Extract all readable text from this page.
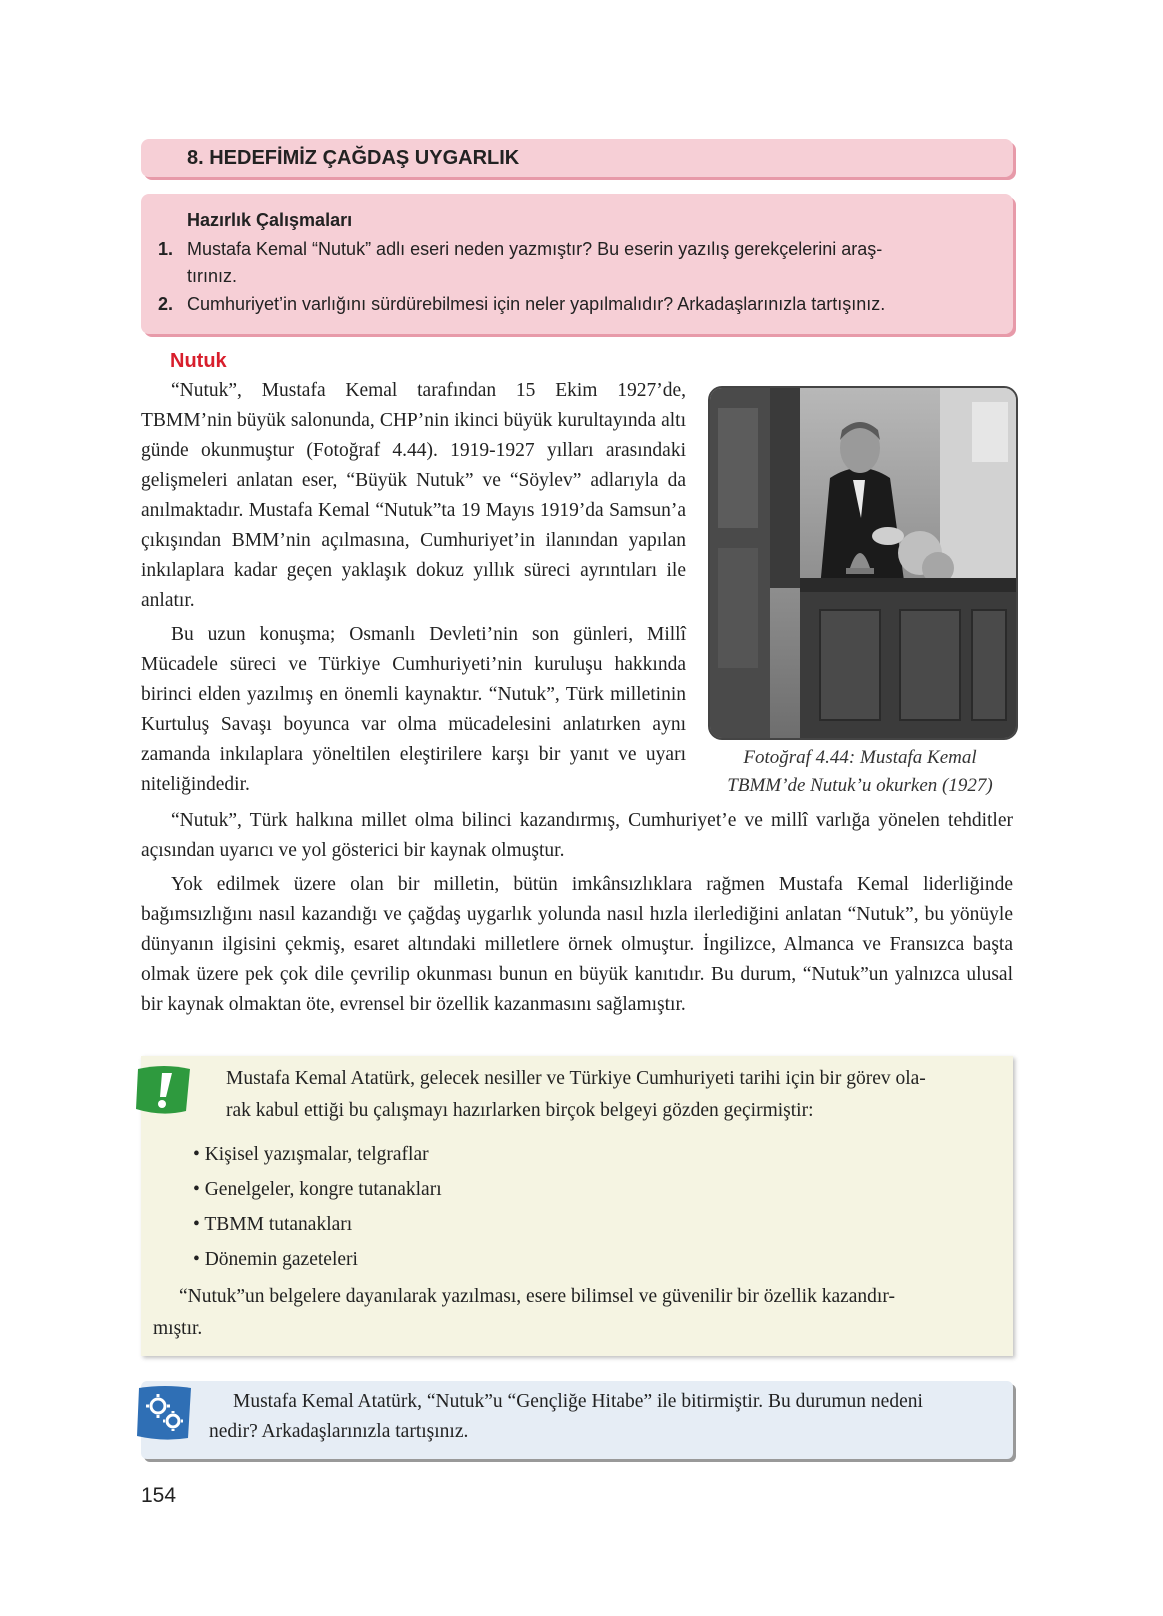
8. HEDEFİMİZ ÇAĞDAŞ UYGARLIK
Hazırlık Çalışmaları
1. Mustafa Kemal “Nutuk” adlı eseri neden yazmıştır? Bu eserin yazılış gerekçelerini araş-
tırınız.
2. Cumhuriyet’in varlığını sürdürebilmesi için neler yapılmalıdır? Arkadaşlarınızla tartışınız.
Nutuk

“Nutuk”, Mustafa Kemal tarafından 15 Ekim 1927’de, TBMM’nin büyük salonunda, CHP’nin ikinci büyük kurultayında altı günde okunmuştur (Fotoğraf 4.44). 1919-1927 yılları arasındaki gelişmeleri anlatan eser, “Büyük Nutuk” ve “Söylev” adlarıyla da anılmaktadır. Mustafa Kemal “Nutuk”ta 19 Mayıs 1919’da Samsun’a çıkışından BMM’nin açılmasına, Cumhuriyet’in ilanından yapılan inkılaplara kadar geçen yaklaşık dokuz yıllık süreci ayrıntıları ile anlatır.

Bu uzun konuşma; Osmanlı Devleti’nin son günleri, Millî Mücadele süreci ve Türkiye Cumhuriyeti’nin kuruluşu hakkında birinci elden yazılmış en önemli kaynaktır. “Nutuk”, Türk milletinin Kurtuluş Savaşı boyunca var olma mücadelesini anlatırken aynı zamanda inkılaplara yöneltilen eleştirilere karşı bir yanıt ve uyarı niteliğindedir.

Fotoğraf 4.44: Mustafa Kemal
TBMM’de Nutuk’u okurken (1927)

“Nutuk”, Türk halkına millet olma bilinci kazandırmış, Cumhuriyet’e ve millî varlığa yönelen tehditler açısından uyarıcı ve yol gösterici bir kaynak olmuştur.

Yok edilmek üzere olan bir milletin, bütün imkânsızlıklara rağmen Mustafa Kemal liderliğinde bağımsızlığını nasıl kazandığı ve çağdaş uygarlık yolunda nasıl hızla ilerlediğini anlatan “Nutuk”, bu yönüyle dünyanın ilgisini çekmiş, esaret altındaki milletlere örnek olmuştur. İngilizce, Almanca ve Fransızca başta olmak üzere pek çok dile çevrilip okunması bunun en büyük kanıtıdır. Bu durum, “Nutuk”un yalnızca ulusal bir kaynak olmaktan öte, evrensel bir özellik kazanmasını sağlamıştır.

Mustafa Kemal Atatürk, gelecek nesiller ve Türkiye Cumhuriyeti tarihi için bir görev ola-
rak kabul ettiği bu çalışmayı hazırlarken birçok belgeyi gözden geçirmiştir:
• Kişisel yazışmalar, telgraflar
• Genelgeler, kongre tutanakları
• TBMM tutanakları
• Dönemin gazeteleri
“Nutuk”un belgelere dayanılarak yazılması, esere bilimsel ve güvenilir bir özellik kazandır-
mıştır.
Mustafa Kemal Atatürk, “Nutuk”u “Gençliğe Hitabe” ile bitirmiştir. Bu durumun nedeni
nedir? Arkadaşlarınızla tartışınız.
154
